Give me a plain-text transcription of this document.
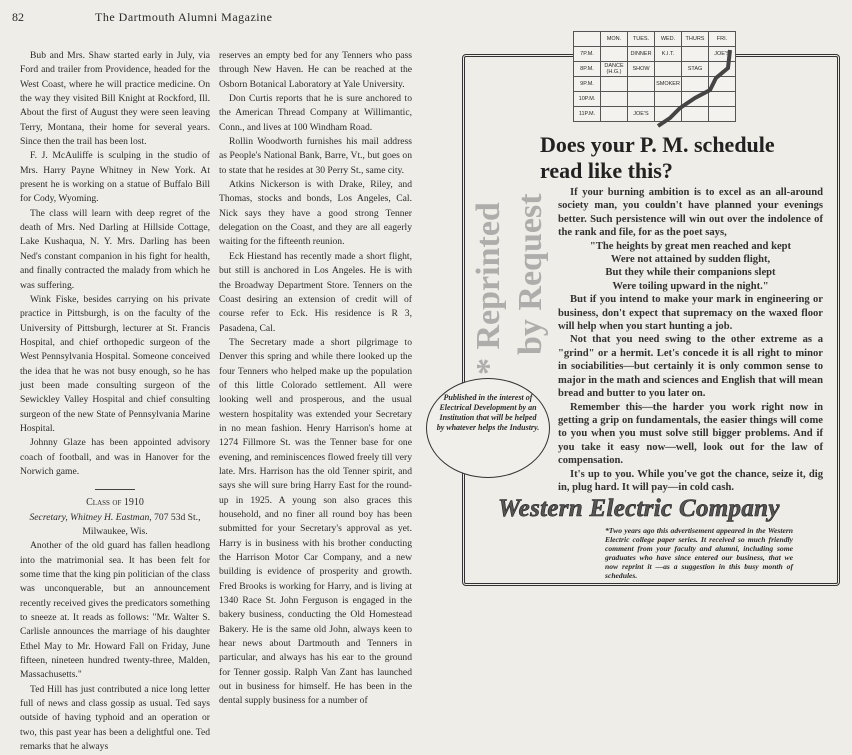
82	The Dartmouth Alumni Magazine

Bub and Mrs. Shaw started early in July, via Ford and trailer from Providence, headed for the West Coast, where he will practice medicine. On the way they visited Bill Knight at Rockford, Ill. About the first of August they were seen leaving Terry, Montana, their home for several years. Since then the trail has been lost.

F. J. McAuliffe is sculping in the studio of Mrs. Harry Payne Whitney in New York. At present he is working on a statue of Buffalo Bill for Cody, Wyoming.

The class will learn with deep regret of the death of Mrs. Ned Darling at Hillside Cottage, Lake Kushaqua, N. Y. Mrs. Darling has been Ned's constant companion in his fight for health, and finally contracted the malady from which he was suffering.

Wink Fiske, besides carrying on his private practice in Pittsburgh, is on the faculty of the University of Pittsburgh, lecturer at St. Francis Hospital, and chief orthopedic surgeon of the West Pennsylvania Hospital. Someone conceived the idea that he was not busy enough, so he has just been made consulting surgeon of the Sewickley Valley Hospital and chief consulting surgeon of the new State of Pennsylvania Marine Hospital.

Johnny Glaze has been appointed advisory coach of football, and was in Hanover for the Norwich game.

Class of 1910
Secretary, Whitney H. Eastman, 707 53d St., Milwaukee, Wis.

Another of the old guard has fallen headlong into the matrimonial sea. It has been felt for some time that the king pin politician of the class was unconquerable, but an announcement recently received gives the predicators something to sneeze at. It reads as follows: "Mr. Walter S. Carlisle announces the marriage of his daughter Ethel May to Mr. Howard Fall on Friday, June fifteen, nineteen hundred twenty-three, Malden, Massachusetts."

Ted Hill has just contributed a nice long letter full of news and class gossip as usual. Ted says outside of having typhoid and an operation or two, this past year has been a delightful one. Ted remarks that he always

reserves an empty bed for any Tenners who pass through New Haven. He can be reached at the Osborn Botanical Laboratory at Yale University.

Don Curtis reports that he is sure anchored to the American Thread Company at Willimantic, Conn., and lives at 100 Windham Road.

Rollin Woodworth furnishes his mail address as People's National Bank, Barre, Vt., but goes on to state that he resides at 30 Perry St., same city.

Atkins Nickerson is with Drake, Riley, and Thomas, stocks and bonds, Los Angeles, Cal. Nick says they have a good strong Tenner delegation on the Coast, and they are all eagerly waiting for the fifteenth reunion.

Eck Hiestand has recently made a short flight, but still is anchored in Los Angeles. He is with the Broadway Department Store. Tenners on the Coast desiring an extension of credit will of course refer to Eck. His residence is R 3, Pasadena, Cal.

The Secretary made a short pilgrimage to Denver this spring and while there looked up the four Tenners who helped make up the population of this little Colorado settlement. All were looking well and prosperous, and the usual western hospitality was extended your Secretary in no mean fashion. Henry Harrison's home at 1274 Fillmore St. was the Tenner base for one evening, and reminiscences flowed freely till very late. Mrs. Harrison has the old Tenner spirit, and says she will sure bring Harry East for the round-up in 1925. A young son also graces this household, and no finer all round boy has been submitted for your Secretary's approval as yet. Harry is in business with his brother conducting the Harrison Motor Car Company, and a new building is evidence of prosperity and growth. Fred Brooks is working for Harry, and is living at 1340 Race St. John Ferguson is engaged in the bakery business, conducting the Old Homestead Bakery. He is the same old John, always keen to hear news about Dartmouth and Tenners in particular, and always has his ear to the ground for Tenner gossip. Ralph Van Zant has launched out in business for himself. He has been in the dental supply business for a number of

	MON.	TUES.	WED.	THURS	FRI.
7P.M.		DINNER	K.I.T.		JOE'S
8P.M.	DANCE (H.G.)	SHOW		STAG	
9P.M.			SMOKER		
10P.M.					
11P.M.		JOE'S			
* Reprinted by Request
Does your P. M. schedule
read like this?

If your burning ambition is to excel as an all-around society man, you couldn't have planned your evenings better. Such persistence will win out over the indolence of the rank and file, for as the poet says,

"The heights by great men reached and kept
Were not attained by sudden flight,
But they while their companions slept
Were toiling upward in the night."

But if you intend to make your mark in engineering or business, don't expect that supremacy on the waxed floor will help when you start hunting a job.

Not that you need swing to the other extreme as a "grind" or a hermit. Let's concede it is all right to minor in sociabilities—but certainly it is only common sense to major in the math and sciences and English that will mean bread and butter to you later on.

Remember this—the harder you work right now in getting a grip on fundamentals, the easier things will come to you when you must solve still bigger problems. And if you take it easy now—well, look out for the law of compensation.

It's up to you. While you've got the chance, seize it, dig in, plug hard. It will pay—in cold cash.

Western Electric Company
*Two years ago this advertisement appeared in the Western Electric college paper series. It received so much friendly comment from your faculty and alumni, including some graduates who have since entered our business, that we now reprint it —as a suggestion in this busy month of schedules.
Published in the interest of Electrical Development by an Institution that will be helped by whatever helps the Industry.
